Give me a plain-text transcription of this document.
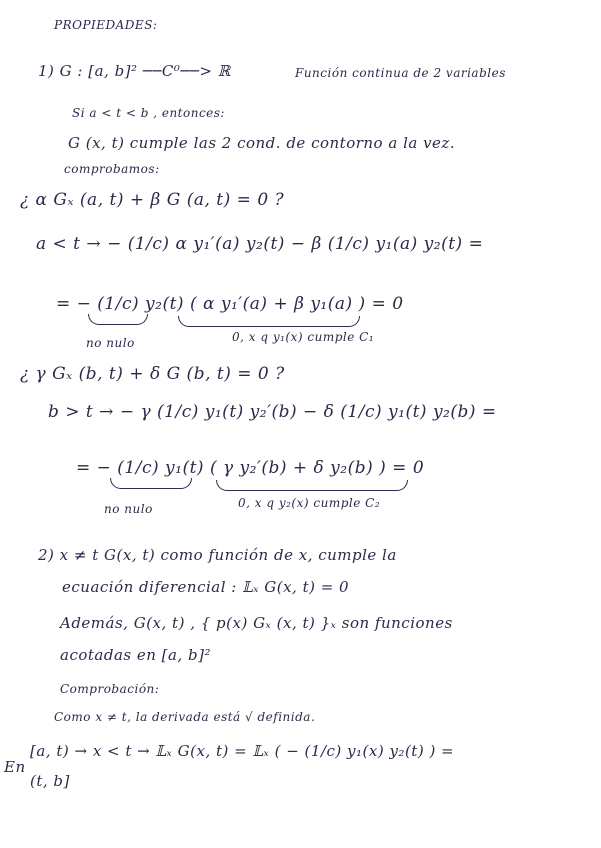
PROPIEDADES:
1) G : [a, b]² ──C⁰──> ℝ	Función continua de 2 variables
Si a < t < b , entonces:
G (x, t) cumple las 2 cond. de contorno a la vez.
comprobamos:
¿ α Gₓ (a, t) + β G (a, t) = 0 ?
a < t → − (1/c) α y₁′(a) y₂(t) − β (1/c) y₁(a) y₂(t) =
= − (1/c) y₂(t) ( α y₁′(a) + β y₁(a) ) = 0
no nulo	0, x q y₁(x) cumple C₁
¿ γ Gₓ (b, t) + δ G (b, t) = 0 ?
b > t → − γ (1/c) y₁(t) y₂′(b) − δ (1/c) y₁(t) y₂(b) =
= − (1/c) y₁(t) ( γ y₂′(b) + δ y₂(b) ) = 0
no nulo	0, x q y₂(x) cumple C₂
2) x ≠ t G(x, t) como función de x, cumple la
ecuación diferencial : 𝕃ₓ G(x, t) = 0
Además, G(x, t) , { p(x) Gₓ (x, t) }ₓ son funciones
acotadas en [a, b]²
Comprobación:
Como x ≠ t, la derivada está √ definida.
En
[a, t) → x < t → 𝕃ₓ G(x, t) = 𝕃ₓ ( − (1/c) y₁(x) y₂(t) ) =
(t, b]
